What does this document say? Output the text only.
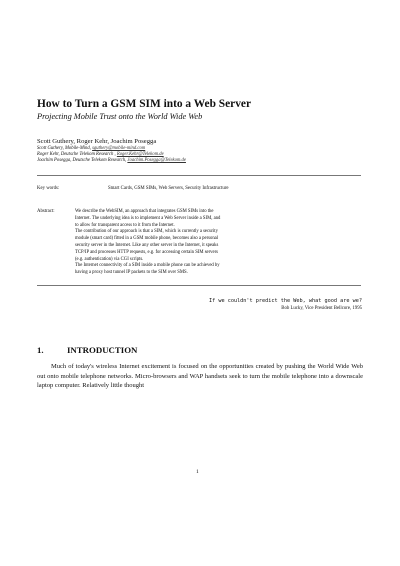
How to Turn a GSM SIM into a Web Server
Projecting Mobile Trust onto the World Wide Web
Scott Guthery, Roger Kehr, Joachim Posegga
Scott Guthery, Mobile-Mind, sguthery@mobile-mind.com
Roger Kehr, Deutsche Telekom Research , Roger.Kehr@Telekom.de
Joachim Posegga, Deutsche Telekom Research, Joachim.Posegga@Telekom.de
Key words:	Smart Cards, GSM SIMs, Web Servers, Security Infrastructure
Abstract:	We describe the WebSIM, an approach that integrates GSM SIMs into the

Internet. The underlying idea is to implement a Web Server inside a SIM, and

to allow for transparent access to it from the Internet.

The contribution of our approach is that a SIM, which is currently a security

module (smart card) fitted in a GSM mobile phone, becomes also a personal

security server in the Internet. Like any other server in the Internet, it speaks

TCP/IP and processes HTTP requests, e.g. for accessing certain SIM servers

(e.g. authentication) via CGI scripts.

The Internet connectivity of a SIM inside a mobile phone can be achieved by

having a proxy host tunnel IP packets to the SIM over SMS.

If we couldn't predict the Web, what good are we?
Bob Lucky, Vice President Bellcore, 1995
1.	INTRODUCTION

Much of today's wireless Internet excitement is focused on the opportunities created by pushing the World Wide Web out onto mobile telephone networks. Micro-browsers and WAP handsets seek to turn the mobile telephone into a downscale laptop computer. Relatively little thought

1
